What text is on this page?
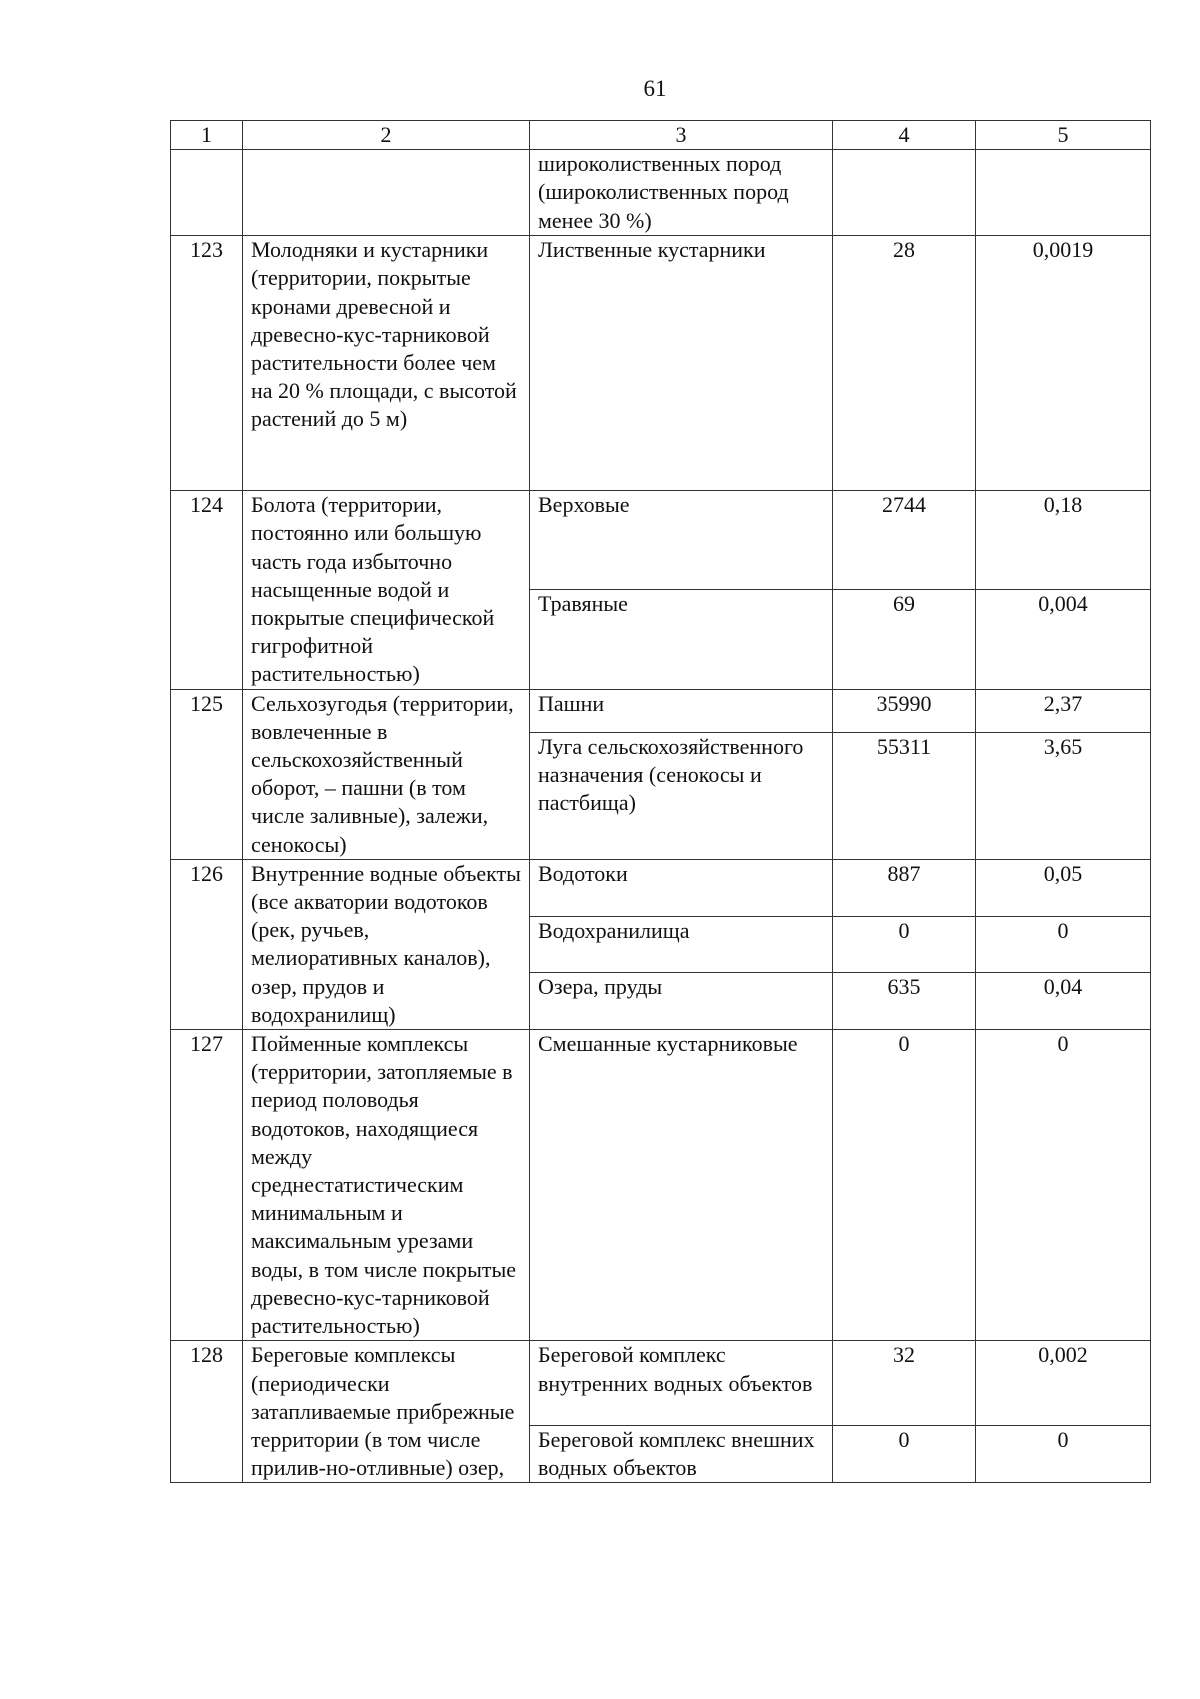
61
1	2	3	4	5
		широколиственных пород (широколиственных пород менее 30 %)		
123	Молодняки и кустарники (территории, покрытые кронами древесной и древесно-кус-тарниковой растительности более чем на 20 % площади, с высотой растений до 5 м)	Лиственные кустарники	28	0,0019
124	Болота (территории, постоянно или большую часть года избыточно насыщенные водой и покрытые специфической гигрофитной растительностью)	Верховые	2744	0,18
		Травяные	69	0,004
125	Сельхозугодья (территории, вовлеченные в сельскохозяйственный оборот, – пашни (в том числе заливные), залежи, сенокосы)	Пашни	35990	2,37
		Луга сельскохозяйственного назначения (сенокосы и пастбища)	55311	3,65
126	Внутренние водные объекты (все акватории водотоков (рек, ручьев, мелиоративных каналов), озер, прудов и водохранилищ)	Водотоки	887	0,05
		Водохранилища	0	0
		Озера, пруды	635	0,04
127	Пойменные комплексы (территории, затопляемые в период половодья водотоков, находящиеся между среднестатистическим минимальным и максимальным урезами воды, в том числе покрытые древесно-кус-тарниковой растительностью)	Смешанные кустарниковые	0	0
128	Береговые комплексы (периодически затапливаемые прибрежные территории (в том числе прилив-но-отливные) озер,	Береговой комплекс внутренних водных объектов	32	0,002
		Береговой комплекс внешних водных объектов	0	0
